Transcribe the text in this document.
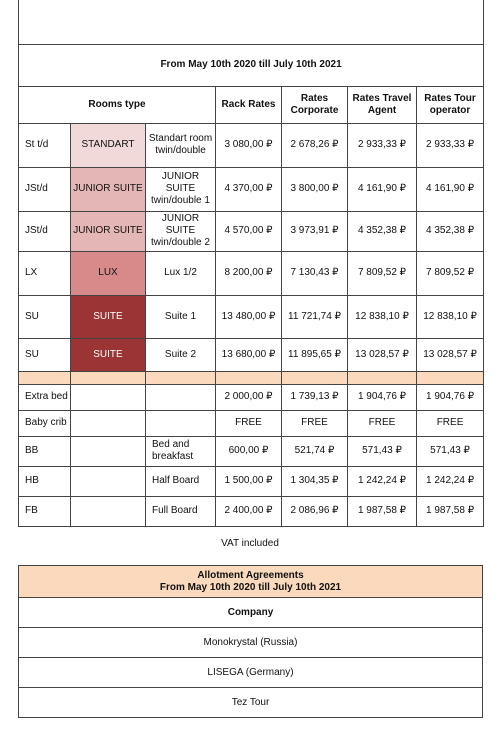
From May 10th 2020 till July 10th 2021						
Rooms type			Rack Rates	Rates Corporate	Rates Travel Agent	Rates Tour operator
St t/d	STANDART	Standart room twin/double	3 080,00 ₽	2 678,26 ₽	2 933,33 ₽	2 933,33 ₽
JSt/d	JUNIOR SUITE	JUNIOR SUITE twin/double 1	4 370,00 ₽	3 800,00 ₽	4 161,90 ₽	4 161,90 ₽
JSt/d	JUNIOR SUITE	JUNIOR SUITE twin/double 2	4 570,00 ₽	3 973,91 ₽	4 352,38 ₽	4 352,38 ₽
LX	LUX	Lux 1/2	8 200,00 ₽	7 130,43 ₽	7 809,52 ₽	7 809,52 ₽
SU	SUITE	Suite 1	13 480,00 ₽	11 721,74 ₽	12 838,10 ₽	12 838,10 ₽
SU	SUITE	Suite 2	13 680,00 ₽	11 895,65 ₽	13 028,57 ₽	13 028,57 ₽

Extra bed			2 000,00 ₽	1 739,13 ₽	1 904,76 ₽	1 904,76 ₽
Baby crib			FREE	FREE	FREE	FREE
BB		Bed and breakfast	600,00 ₽	521,74 ₽	571,43 ₽	571,43 ₽
HB		Half Board	1 500,00 ₽	1 304,35 ₽	1 242,24 ₽	1 242,24 ₽
FB		Full Board	2 400,00 ₽	2 086,96 ₽	1 987,58 ₽	1 987,58 ₽
VAT included
Allotment Agreements
From May 10th 2020 till July 10th 2021

Company
Monokrystal (Russia)
LISEGA (Germany)
Tez Tour
